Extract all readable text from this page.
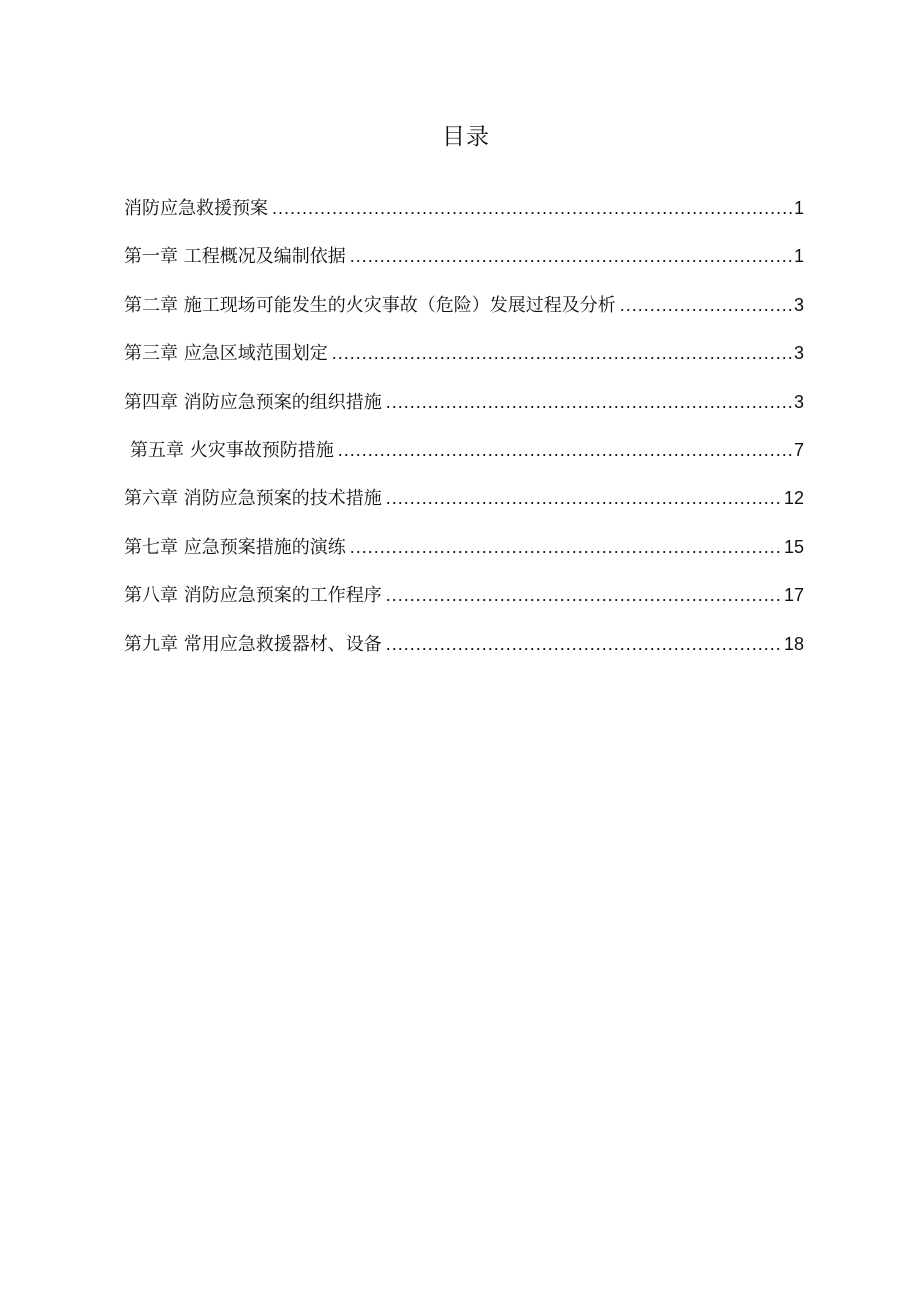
目录
消防应急救援预案 .....	1
第一章 工程概况及编制依据 .....	1
第二章 施工现场可能发生的火灾事故（危险）发展过程及分析 .....	3
第三章 应急区域范围划定 .....	3
第四章 消防应急预案的组织措施 .....	3
第五章 火灾事故预防措施 .....	7
第六章 消防应急预案的技术措施 .....	12
第七章 应急预案措施的演练 .....	15
第八章 消防应急预案的工作程序 .....	17
第九章 常用应急救援器材、设备 .....	18
